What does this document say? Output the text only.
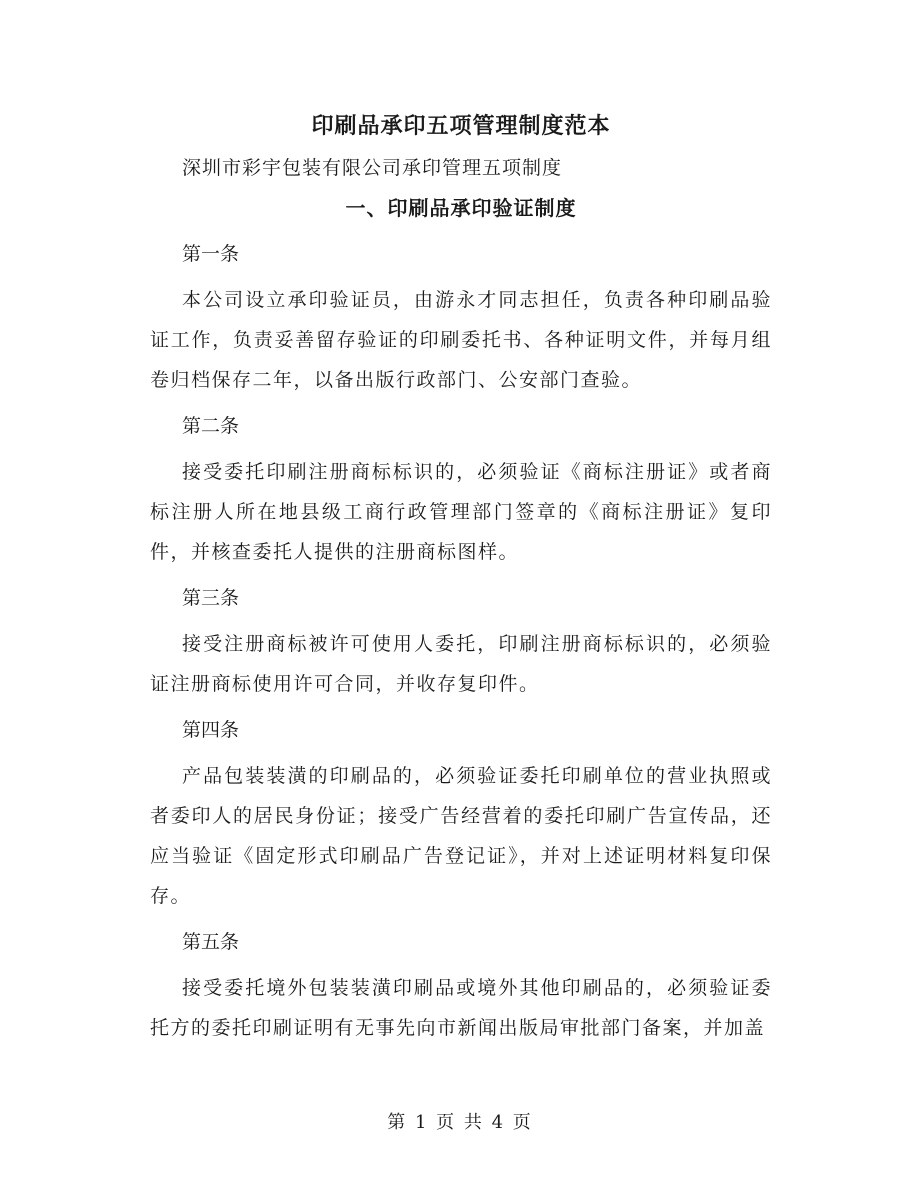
印刷品承印五项管理制度范本

深圳市彩宇包装有限公司承印管理五项制度

一、印刷品承印验证制度

第一条

本公司设立承印验证员，由游永才同志担任，负责各种印刷品验证工作，负责妥善留存验证的印刷委托书、各种证明文件，并每月组卷归档保存二年，以备出版行政部门、公安部门查验。

第二条

接受委托印刷注册商标标识的，必须验证《商标注册证》或者商标注册人所在地县级工商行政管理部门签章的《商标注册证》复印件，并核查委托人提供的注册商标图样。

第三条

接受注册商标被许可使用人委托，印刷注册商标标识的，必须验证注册商标使用许可合同，并收存复印件。

第四条

产品包装装潢的印刷品的，必须验证委托印刷单位的营业执照或者委印人的居民身份证；接受广告经营着的委托印刷广告宣传品，还应当验证《固定形式印刷品广告登记证》，并对上述证明材料复印保存。

第五条

接受委托境外包装装潢印刷品或境外其他印刷品的，必须验证委托方的委托印刷证明有无事先向市新闻出版局审批部门备案，并加盖

第 1 页 共 4 页
